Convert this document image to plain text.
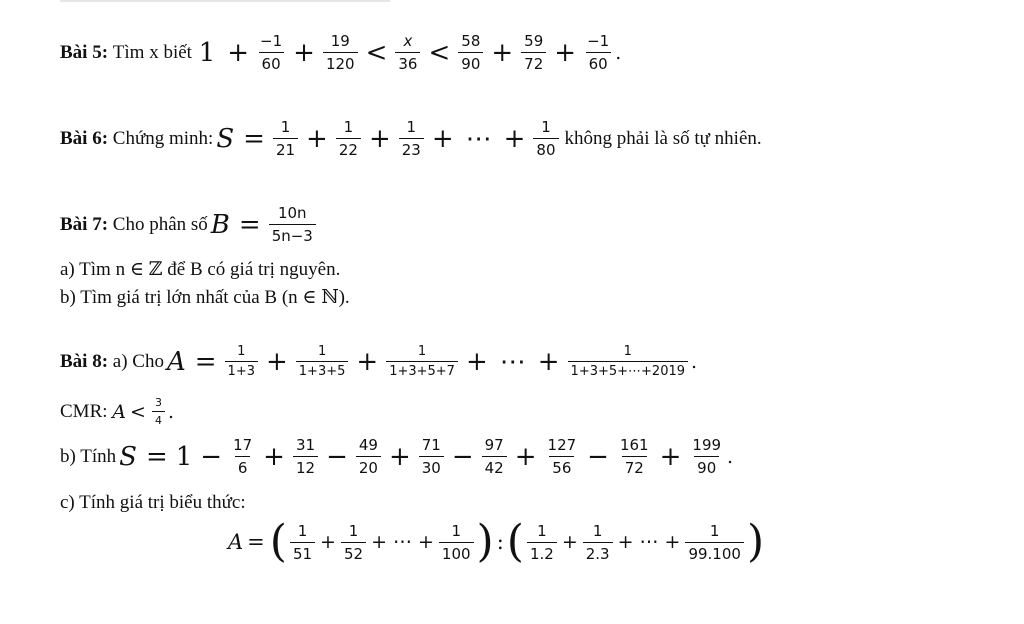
Bài 5:
Tìm x biết
$1 + \frac{-1}{60} + \frac{19}{120} < \frac{x}{36} < \frac{58}{90} + \frac{59}{72} + \frac{-1}{60}$ .
Bài 6:
Chứng minh: $S = \frac{1}{21} + \frac{1}{22} + \frac{1}{23}$ + ⋯ + $\frac{1}{80}$ không phải là số tự nhiên.
Bài 7:
Cho phân số $B = \frac{10n}{5n-3}$
a) Tìm n ∈ ℤ để B có giá trị nguyên.
b) Tìm giá trị lớn nhất của B (n ∈ ℕ).
Bài 8:
a) Cho $A = \frac{1}{1+3} + \frac{1}{1+3+5} + \frac{1}{1+3+5+7}$ + ⋯ + $\frac{1}{1+3+5+\cdots+2019}$ .
CMR:
$A < \frac{3}{4}$ .
b) Tính $S = 1 - \frac{17}{6} + \frac{31}{12} - \frac{49}{20} + \frac{71}{30} - \frac{97}{42} + \frac{127}{56} - \frac{161}{72} + \frac{199}{90}$ .
c) Tính giá trị biểu thức:
A = ( $\frac{1}{51} + \frac{1}{52}$ + ⋯ + $\frac{1}{100}$ ) : ( $\frac{1}{1.2} + \frac{1}{2.3}$ + ⋯ + $\frac{1}{99.100}$ )
